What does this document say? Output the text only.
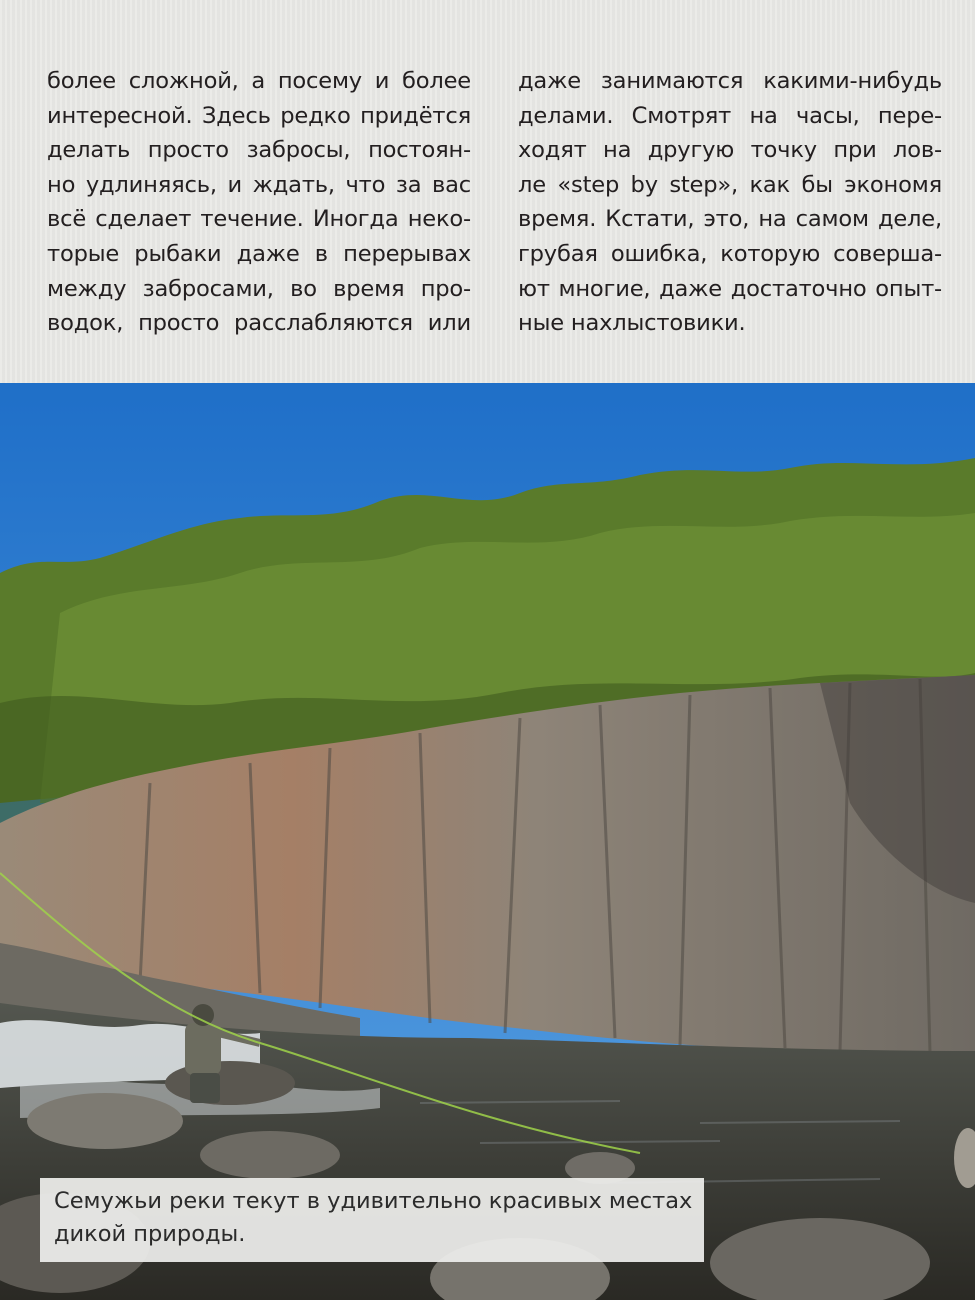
более сложной, а посему и более
интересной. Здесь редко придётся
делать просто забросы, постоян-
но удлиняясь, и ждать, что за вас
всё сделает течение. Иногда неко-
торые рыбаки даже в перерывах
между забросами, во время про-
водок, просто расслабляются или

даже занимаются какими-нибудь
делами. Смотрят на часы, пере-
ходят на другую точку при лов-
ле «step by step», как бы экономя
время. Кстати, это, на самом деле,
грубая ошибка, которую соверша-
ют многие, даже достаточно опыт-
ные нахлыстовики.

Семужьи реки текут в удивительно красивых местах
дикой природы.
